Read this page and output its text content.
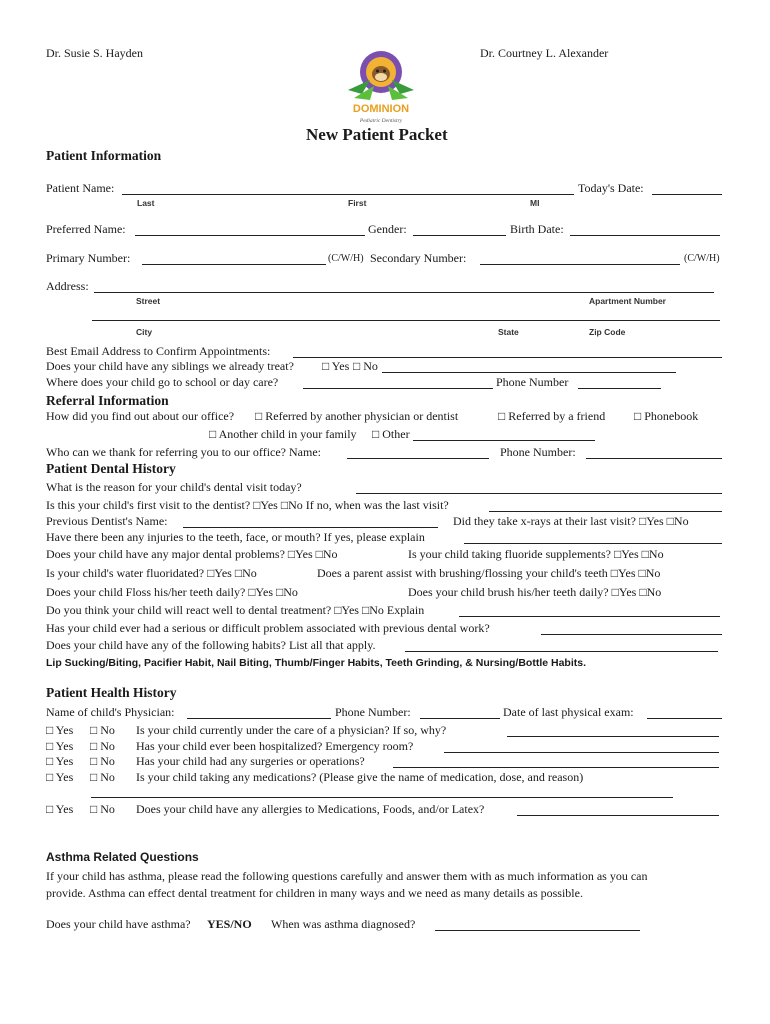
Dr. Susie S. Hayden	Dr. Courtney L. Alexander
DOMINION
Pediatric Dentistry
New Patient Packet
Patient Information
Patient Name:	Today's Date:
Last	First	MI
Preferred Name:	Gender:	Birth Date:
Primary Number:	(C/W/H) Secondary Number:	(C/W/H)
Address:
Street	Apartment Number
City	State	Zip Code
Best Email Address to Confirm Appointments:
Does your child have any siblings we already treat? □ Yes □ No
Where does your child go to school or day care?	Phone Number
Referral Information
How did you find out about our office? □ Referred by another physician or dentist	□ Referred by a friend □ Phonebook
□ Another child in your family □ Other
Who can we thank for referring you to our office? Name:	Phone Number:
Patient Dental History
What is the reason for your child's dental visit today?
Is this your child's first visit to the dentist? □Yes □No If no, when was the last visit?
Previous Dentist's Name:	Did they take x-rays at their last visit? □Yes □No
Have there been any injuries to the teeth, face, or mouth? If yes, please explain
Does your child have any major dental problems? □Yes □No	Is your child taking fluoride supplements? □Yes □No
Is your child's water fluoridated? □Yes □No	Does a parent assist with brushing/flossing your child's teeth □Yes □No
Does your child Floss his/her teeth daily? □Yes □No	Does your child brush his/her teeth daily? □Yes □No
Do you think your child will react well to dental treatment? □Yes □No Explain
Has your child ever had a serious or difficult problem associated with previous dental work?
Does your child have any of the following habits? List all that apply.
Lip Sucking/Biting, Pacifier Habit, Nail Biting, Thumb/Finger Habits, Teeth Grinding, & Nursing/Bottle Habits.
Patient Health History
Name of child's Physician:	Phone Number:	Date of last physical exam:
□ Yes □ No Is your child currently under the care of a physician? If so, why?
□ Yes □ No Has your child ever been hospitalized? Emergency room?
□ Yes □ No Has your child had any surgeries or operations?
□ Yes □ No Is your child taking any medications? (Please give the name of medication, dose, and reason)
□ Yes □ No Does your child have any allergies to Medications, Foods, and/or Latex?
Asthma Related Questions
If your child has asthma, please read the following questions carefully and answer them with as much information as you can
provide. Asthma can effect dental treatment for children in many ways and we need as many details as possible.
Does your child have asthma? YES/NO When was asthma diagnosed?
